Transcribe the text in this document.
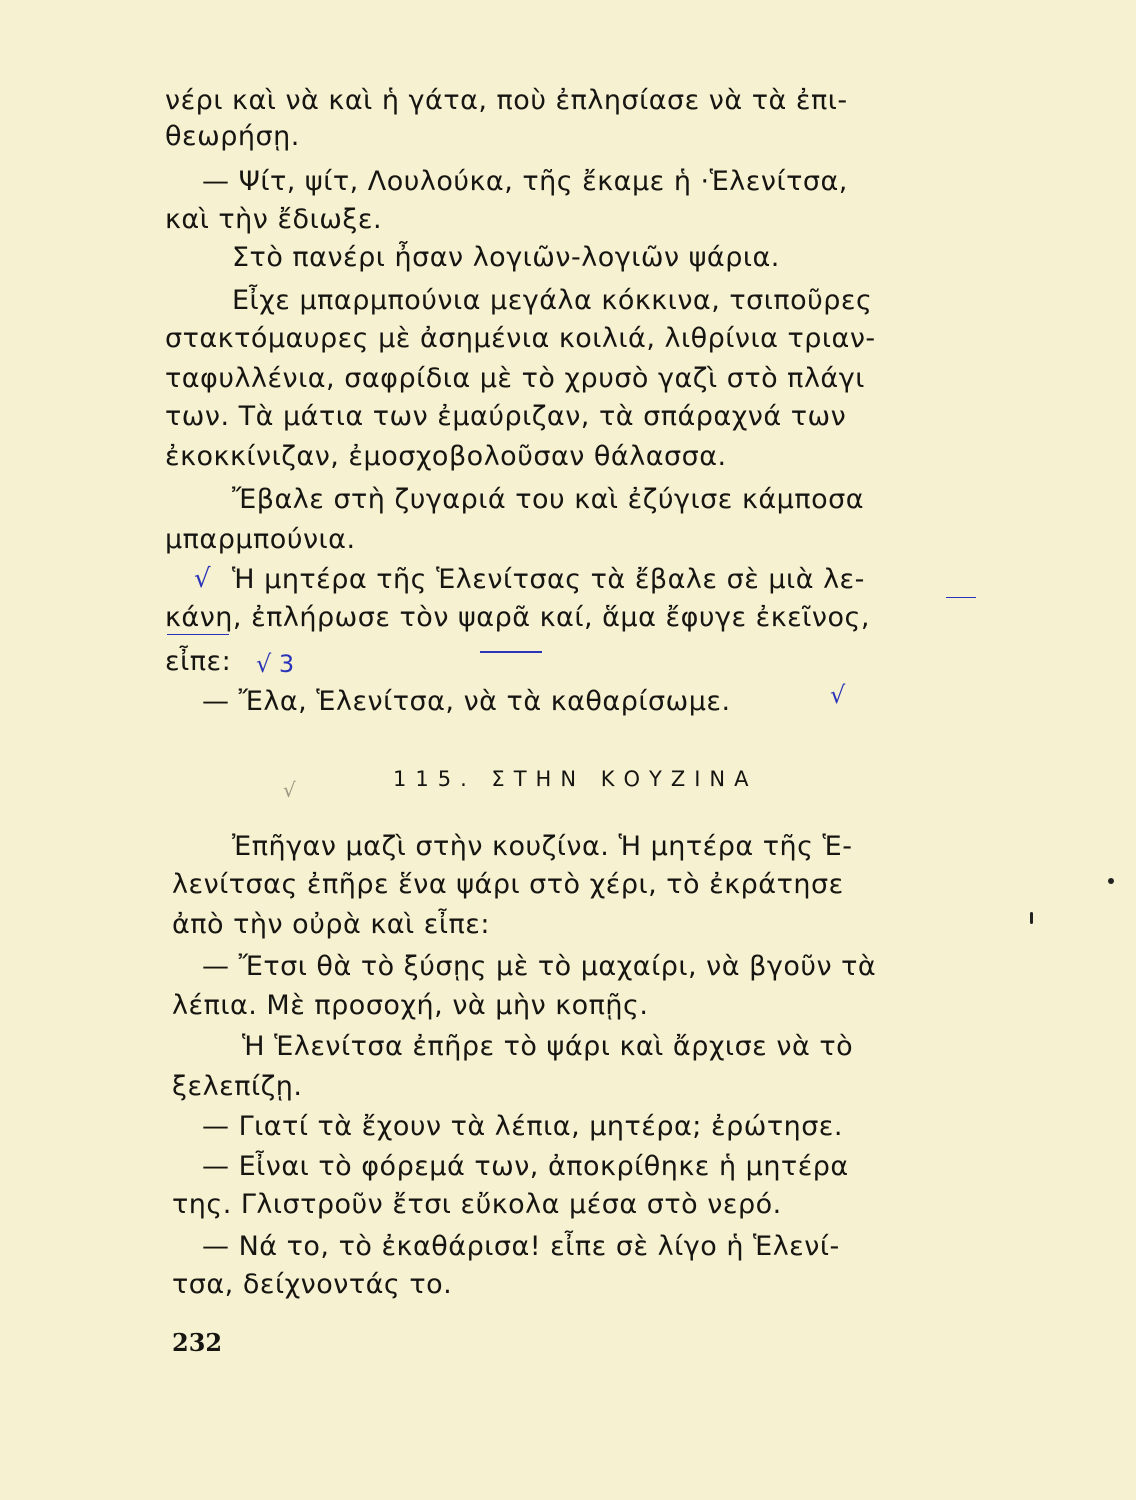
νέρι καὶ νὰ καὶ ἡ γάτα, ποὺ ἐπλησίασε νὰ τὰ ἐπι-
θεωρήσῃ.
— Ψίτ, ψίτ, Λουλούκα, τῆς ἔκαμε ἡ ·Ἑλενίτσα,
καὶ τὴν ἔδιωξε.
Στὸ πανέρι ἦσαν λογιῶν-λογιῶν ψάρια.
Εἶχε μπαρμπούνια μεγάλα κόκκινα, τσιποῦρες
στακτόμαυρες μὲ ἀσημένια κοιλιά, λιθρίνια τριαν-
ταφυλλένια, σαφρίδια μὲ τὸ χρυσὸ γαζὶ στὸ πλάγι
των. Τὰ μάτια των ἐμαύριζαν, τὰ σπάραχνά των
ἐκοκκίνιζαν, ἐμοσχοβολοῦσαν θάλασσα.
Ἔβαλε στὴ ζυγαριά του καὶ ἐζύγισε κάμποσα
μπαρμπούνια.
Ἡ μητέρα τῆς Ἑλενίτσας τὰ ἔβαλε σὲ μιὰ λε-
κάνη, ἐπλήρωσε τὸν ψαρᾶ καί, ἅμα ἔφυγε ἐκεῖνος,
εἶπε:
— Ἔλα, Ἑλενίτσα, νὰ τὰ καθαρίσωμε.
115. ΣΤΗΝ ΚΟΥΖΙΝΑ
Ἐπῆγαν μαζὶ στὴν κουζίνα. Ἡ μητέρα τῆς Ἑ-
λενίτσας ἐπῆρε ἕνα ψάρι στὸ χέρι, τὸ ἐκράτησε
ἀπὸ τὴν οὐρὰ καὶ εἶπε:
— Ἔτσι θὰ τὸ ξύσῃς μὲ τὸ μαχαίρι, νὰ βγοῦν τὰ
λέπια. Μὲ προσοχή, νὰ μὴν κοπῇς.
Ἡ Ἑλενίτσα ἐπῆρε τὸ ψάρι καὶ ἄρχισε νὰ τὸ
ξελεπίζῃ.
— Γιατί τὰ ἔχουν τὰ λέπια, μητέρα; ἐρώτησε.
— Εἶναι τὸ φόρεμά των, ἀποκρίθηκε ἡ μητέρα
της. Γλιστροῦν ἔτσι εὔκολα μέσα στὸ νερό.
— Νά το, τὸ ἐκαθάρισα! εἶπε σὲ λίγο ἡ Ἑλενί-
τσα, δείχνοντάς το.
232
√
√ 3
√
√
